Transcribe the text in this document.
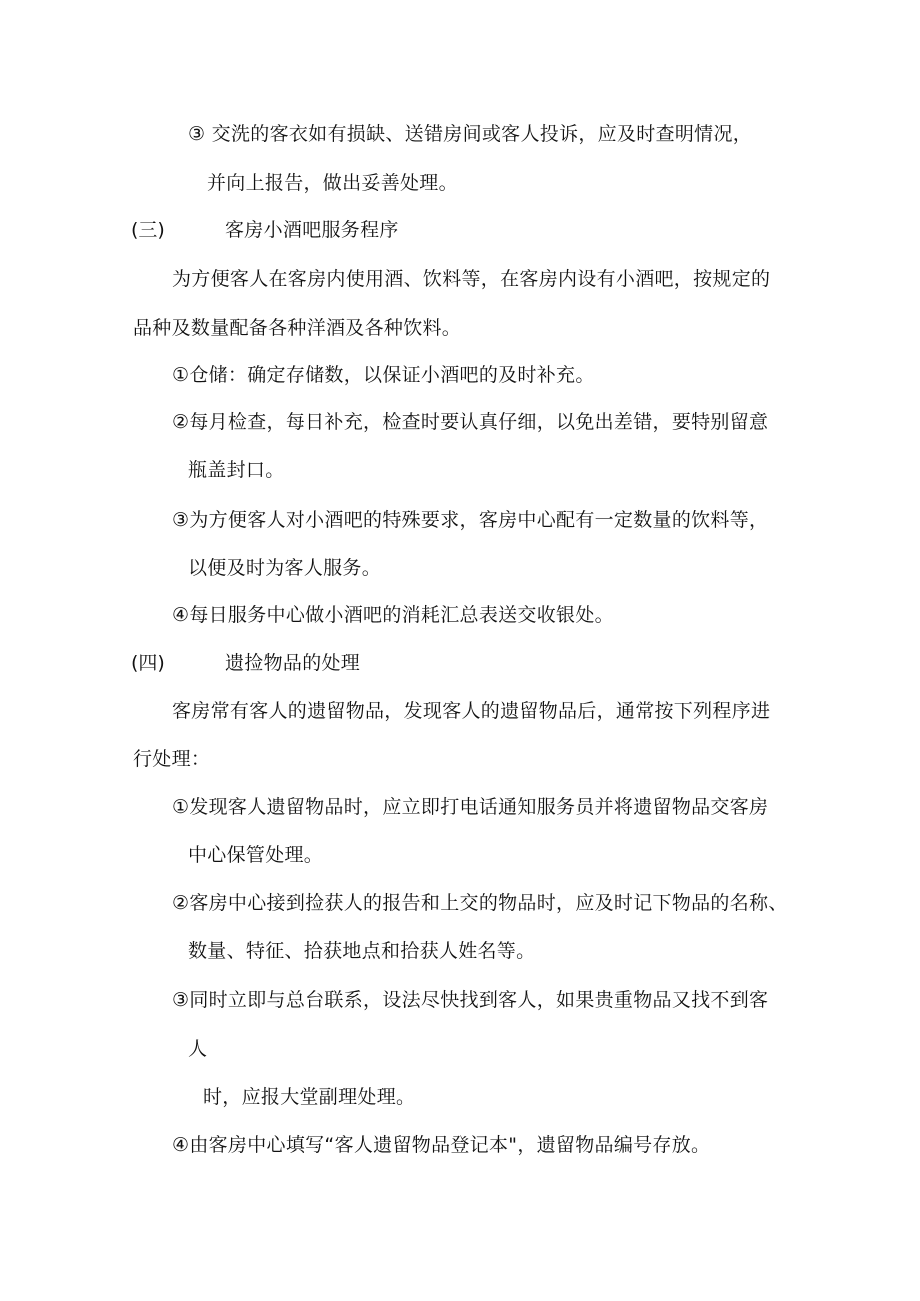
③ 交洗的客衣如有损缺、送错房间或客人投诉，应及时查明情况，
并向上报告，做出妥善处理。
(三)	客房小酒吧服务程序
为方便客人在客房内使用酒、饮料等，在客房内设有小酒吧，按规定的
品种及数量配备各种洋酒及各种饮料。
①仓储：确定存储数，以保证小酒吧的及时补充。
②每月检查，每日补充，检查时要认真仔细，以免出差错，要特别留意
瓶盖封口。
③为方便客人对小酒吧的特殊要求，客房中心配有一定数量的饮料等，
以便及时为客人服务。
④每日服务中心做小酒吧的消耗汇总表送交收银处。
(四)	遗捡物品的处理
客房常有客人的遗留物品，发现客人的遗留物品后，通常按下列程序进
行处理：
①发现客人遗留物品时，应立即打电话通知服务员并将遗留物品交客房
中心保管处理。
②客房中心接到捡获人的报告和上交的物品时，应及时记下物品的名称、
数量、特征、拾获地点和拾获人姓名等。
③同时立即与总台联系，设法尽快找到客人，如果贵重物品又找不到客
人
时，应报大堂副理处理。
④由客房中心填写“客人遗留物品登记本"，遗留物品编号存放。
